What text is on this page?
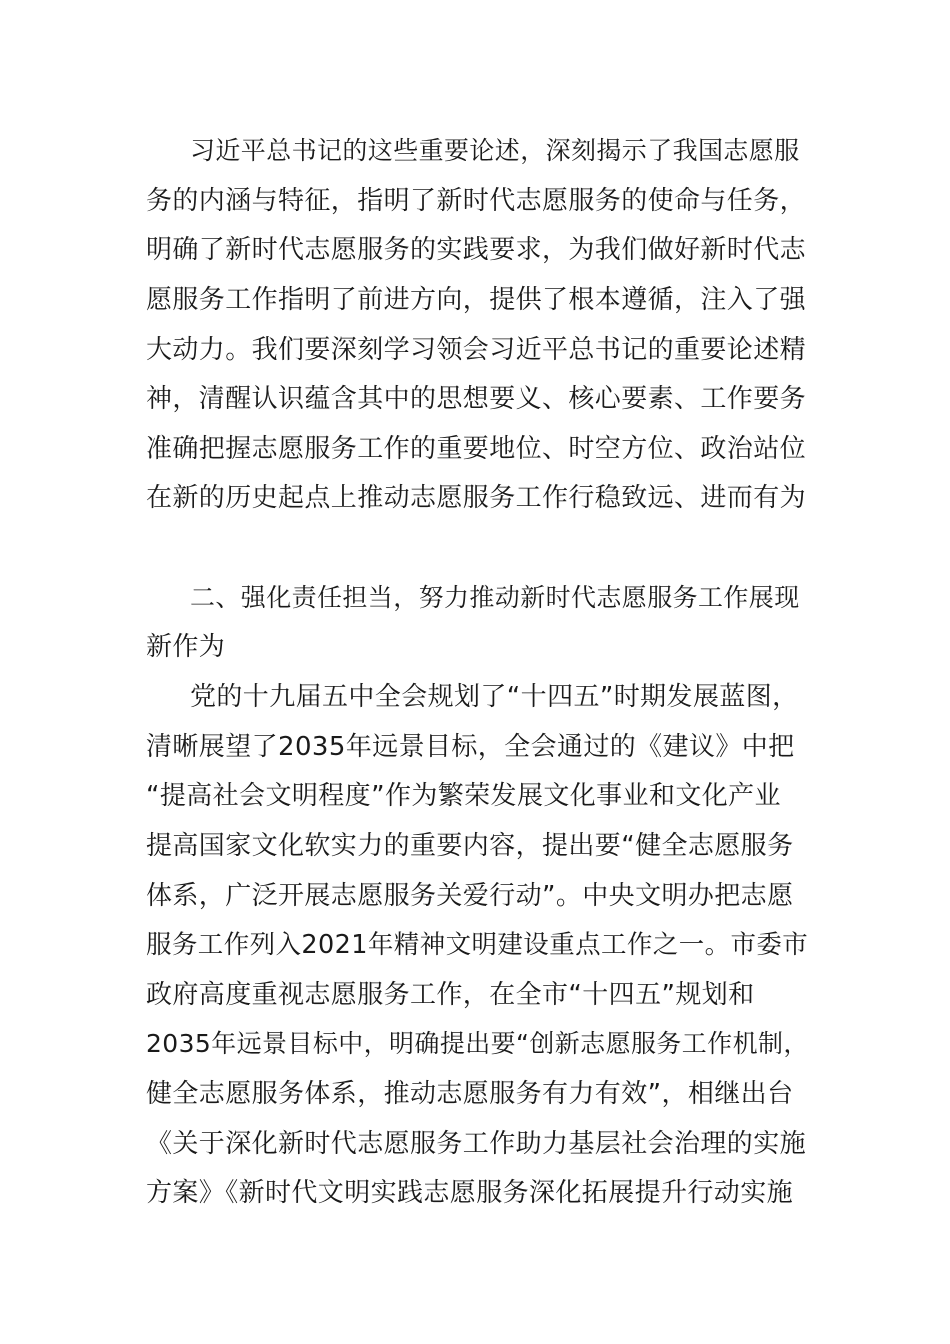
习近平总书记的这些重要论述，深刻揭示了我国志愿服
务的内涵与特征，指明了新时代志愿服务的使命与任务，
明确了新时代志愿服务的实践要求，为我们做好新时代志
愿服务工作指明了前进方向，提供了根本遵循，注入了强
大动力。我们要深刻学习领会习近平总书记的重要论述精
神，清醒认识蕴含其中的思想要义、核心要素、工作要务
准确把握志愿服务工作的重要地位、时空方位、政治站位
在新的历史起点上推动志愿服务工作行稳致远、进而有为
二、强化责任担当，努力推动新时代志愿服务工作展现
新作为
党的十九届五中全会规划了“十四五”时期发展蓝图，
清晰展望了2035年远景目标，全会通过的《建议》中把
“提高社会文明程度”作为繁荣发展文化事业和文化产业
提高国家文化软实力的重要内容，提出要“健全志愿服务
体系，广泛开展志愿服务关爱行动”。中央文明办把志愿
服务工作列入2021年精神文明建设重点工作之一。市委市
政府高度重视志愿服务工作，在全市“十四五”规划和
2035年远景目标中，明确提出要“创新志愿服务工作机制，
健全志愿服务体系，推动志愿服务有力有效”，相继出台
《关于深化新时代志愿服务工作助力基层社会治理的实施
方案》《新时代文明实践志愿服务深化拓展提升行动实施
